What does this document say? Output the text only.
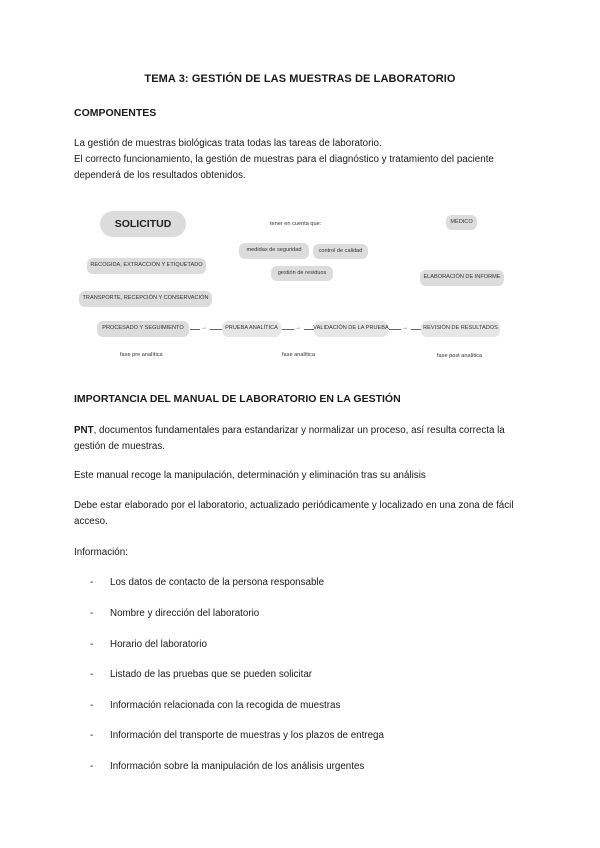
TEMA 3: GESTIÓN DE LAS MUESTRAS DE LABORATORIO
COMPONENTES

La gestión de muestras biológicas trata todas las tareas de laboratorio.

El correcto funcionamiento, la gestión de muestras para el diagnóstico y tratamiento del paciente dependerá de los resultados obtenidos.

SOLICITUD	tener en cuenta que:	MÉDICO
medidas de seguridad	control de calidad
RECOGIDA, EXTRACCIÓN Y ETIQUETADO
gestión de residuos
ELABORACIÓN DE INFORME
TRANSPORTE, RECEPCIÓN Y CONSERVACIÓN
PROCESADO Y SEGUIMIENTO	→	PRUEBA ANALÍTICA	→ VALIDACIÓN DE LA PRUEBA →	REVISIÓN DE RESULTADOS
fase pre analítica	fase analítica	fase post analítica
IMPORTANCIA DEL MANUAL DE LABORATORIO EN LA GESTIÓN

PNT, documentos fundamentales para estandarizar y normalizar un proceso, así resulta correcta la gestión de muestras.

Este manual recoge la manipulación, determinación y eliminación tras su análisis

Debe estar elaborado por el laboratorio, actualizado periódicamente y localizado en una zona de fácil acceso.

Información:

- Los datos de contacto de la persona responsable
- Nombre y dirección del laboratorio
- Horario del laboratorio
- Listado de las pruebas que se pueden solicitar
- Información relacionada con la recogida de muestras
- Información del transporte de muestras y los plazos de entrega
- Información sobre la manipulación de los análisis urgentes
